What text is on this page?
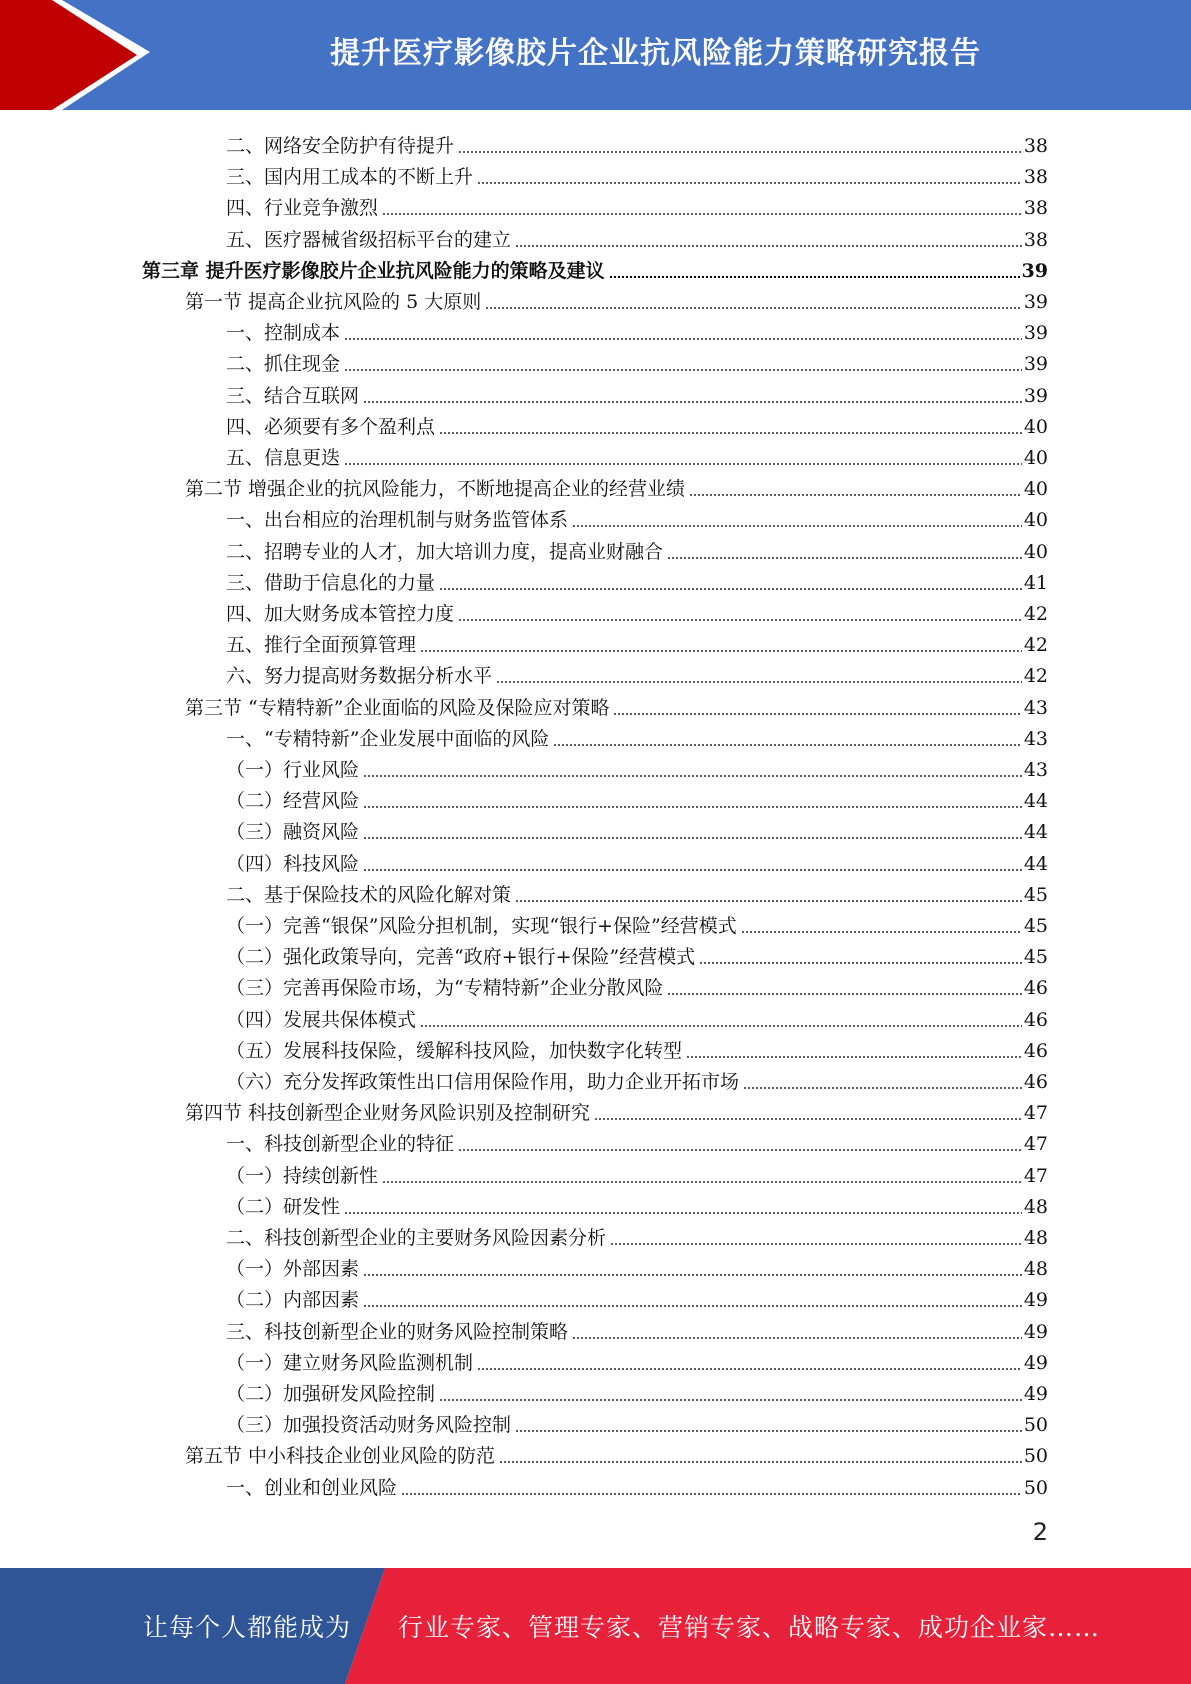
提升医疗影像胶片企业抗风险能力策略研究报告
二、网络安全防护有待提升	38
三、国内用工成本的不断上升	38
四、行业竞争激烈	38
五、医疗器械省级招标平台的建立	38
第三章 提升医疗影像胶片企业抗风险能力的策略及建议	39
第一节 提高企业抗风险的 5 大原则	39
一、控制成本	39
二、抓住现金	39
三、结合互联网	39
四、必须要有多个盈利点	40
五、信息更迭	40
第二节 增强企业的抗风险能力，不断地提高企业的经营业绩	40
一、出台相应的治理机制与财务监管体系	40
二、招聘专业的人才，加大培训力度，提高业财融合	40
三、借助于信息化的力量	41
四、加大财务成本管控力度	42
五、推行全面预算管理	42
六、努力提高财务数据分析水平	42
第三节 “专精特新”企业面临的风险及保险应对策略	43
一、“专精特新”企业发展中面临的风险	43
（一）行业风险	43
（二）经营风险	44
（三）融资风险	44
（四）科技风险	44
二、基于保险技术的风险化解对策	45
（一）完善“银保”风险分担机制，实现“银行+保险”经营模式	45
（二）强化政策导向，完善“政府+银行+保险”经营模式	45
（三）完善再保险市场，为“专精特新”企业分散风险	46
（四）发展共保体模式	46
（五）发展科技保险，缓解科技风险，加快数字化转型	46
（六）充分发挥政策性出口信用保险作用，助力企业开拓市场	46
第四节 科技创新型企业财务风险识别及控制研究	47
一、科技创新型企业的特征	47
（一）持续创新性	47
（二）研发性	48
二、科技创新型企业的主要财务风险因素分析	48
（一）外部因素	48
（二）内部因素	49
三、科技创新型企业的财务风险控制策略	49
（一）建立财务风险监测机制	49
（二）加强研发风险控制	49
（三）加强投资活动财务风险控制	50
第五节 中小科技企业创业风险的防范	50
一、创业和创业风险	50
2
让每个人都能成为 行业专家、管理专家、营销专家、战略专家、成功企业家……
